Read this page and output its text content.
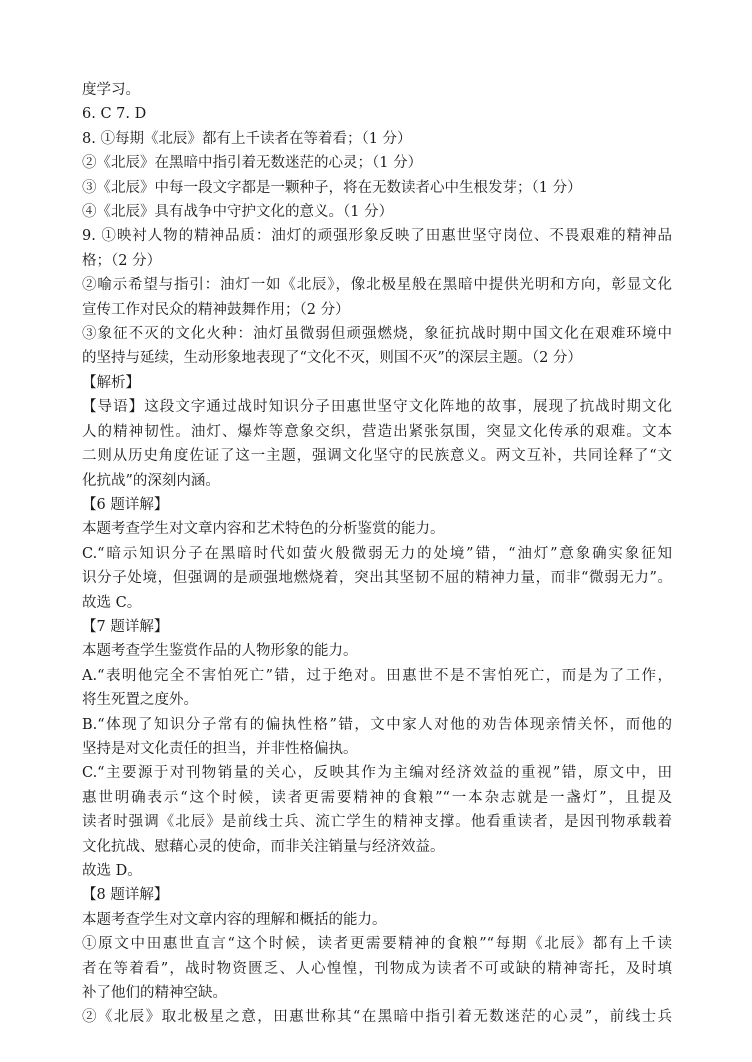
度学习。
6. C 7. D
8. ①每期《北辰》都有上千读者在等着看；（1 分）
②《北辰》在黑暗中指引着无数迷茫的心灵；（1 分）
③《北辰》中每一段文字都是一颗种子，将在无数读者心中生根发芽；（1 分）
④《北辰》具有战争中守护文化的意义。（1 分）
9. ①映衬人物的精神品质：油灯的顽强形象反映了田惠世坚守岗位、不畏艰难的精神品
格；（2 分）
②喻示希望与指引：油灯一如《北辰》，像北极星般在黑暗中提供光明和方向，彰显文化
宣传工作对民众的精神鼓舞作用；（2 分）
③象征不灭的文化火种：油灯虽微弱但顽强燃烧，象征抗战时期中国文化在艰难环境中
的坚持与延续，生动形象地表现了“文化不灭，则国不灭”的深层主题。（2 分）
【解析】
【导语】这段文字通过战时知识分子田惠世坚守文化阵地的故事，展现了抗战时期文化
人的精神韧性。油灯、爆炸等意象交织，营造出紧张氛围，突显文化传承的艰难。文本
二则从历史角度佐证了这一主题，强调文化坚守的民族意义。两文互补，共同诠释了“文
化抗战”的深刻内涵。
【6 题详解】
本题考查学生对文章内容和艺术特色的分析鉴赏的能力。
C.“暗示知识分子在黑暗时代如萤火般微弱无力的处境”错，“油灯”意象确实象征知
识分子处境，但强调的是顽强地燃烧着，突出其坚韧不屈的精神力量，而非“微弱无力”。
故选 C。
【7 题详解】
本题考查学生鉴赏作品的人物形象的能力。
A.“表明他完全不害怕死亡”错，过于绝对。田惠世不是不害怕死亡，而是为了工作，
将生死置之度外。
B.“体现了知识分子常有的偏执性格”错，文中家人对他的劝告体现亲情关怀，而他的
坚持是对文化责任的担当，并非性格偏执。
C.“主要源于对刊物销量的关心，反映其作为主编对经济效益的重视”错，原文中，田
惠世明确表示“这个时候，读者更需要精神的食粮”“一本杂志就是一盏灯”，且提及
读者时强调《北辰》是前线士兵、流亡学生的精神支撑。他看重读者，是因刊物承载着
文化抗战、慰藉心灵的使命，而非关注销量与经济效益。
故选 D。
【8 题详解】
本题考查学生对文章内容的理解和概括的能力。
①原文中田惠世直言“这个时候，读者更需要精神的食粮”“每期《北辰》都有上千读
者在等着看”，战时物资匮乏、人心惶惶，刊物成为读者不可或缺的精神寄托，及时填
补了他们的精神空缺。
②《北辰》取北极星之意，田惠世称其“在黑暗中指引着无数迷茫的心灵”，前线士兵
